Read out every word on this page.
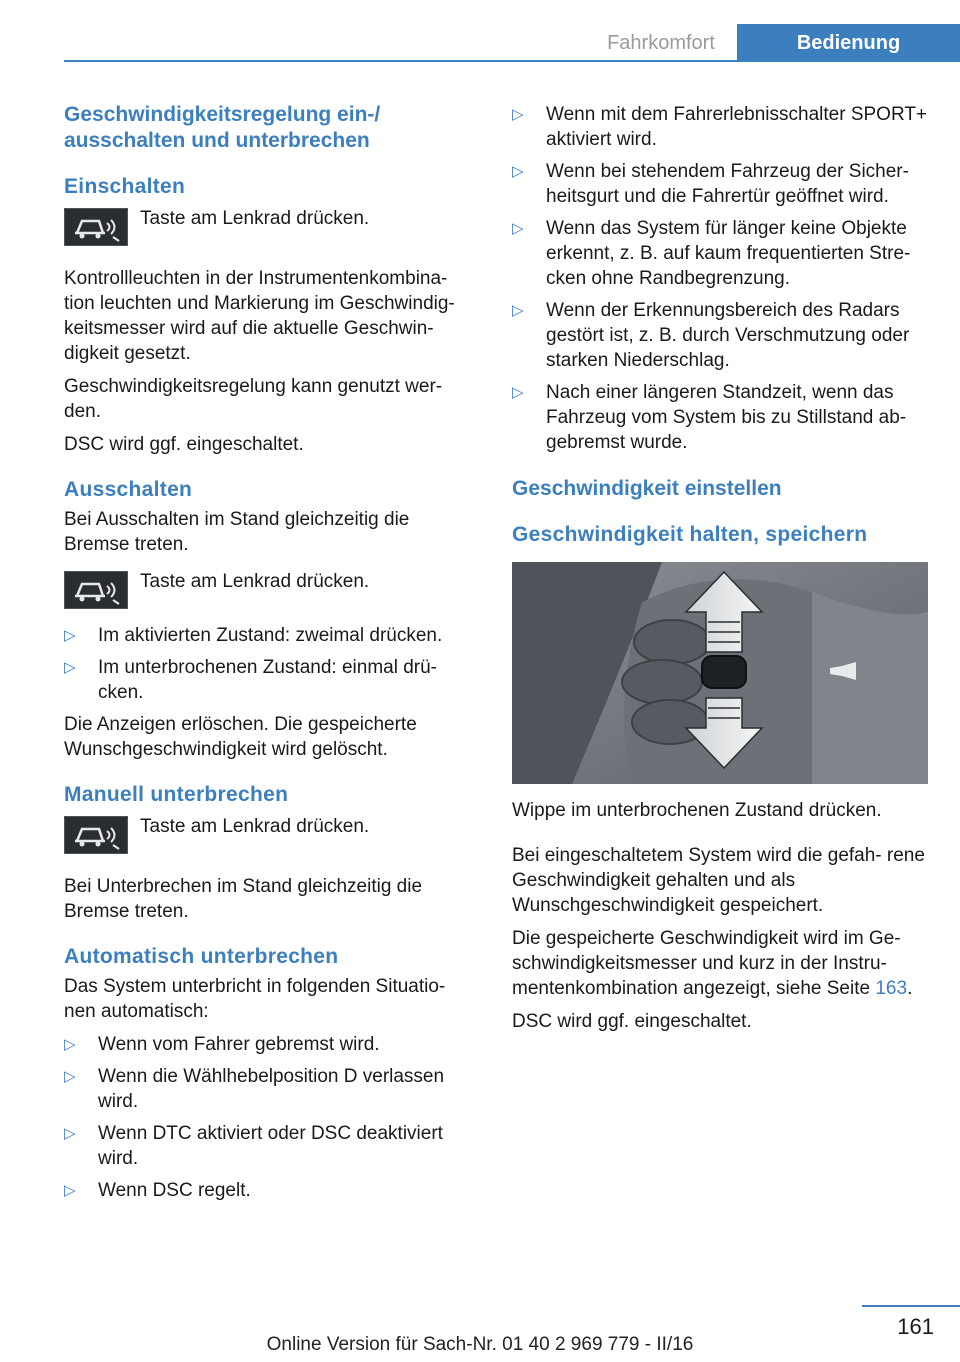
Fahrkomfort	Bedienung
Geschwindigkeitsregelung ein-/ ausschalten und unterbrechen
Einschalten
Taste am Lenkrad drücken.

Kontrollleuchten in der Instrumentenkombina‐ tion leuchten und Markierung im Geschwindig‐ keitsmesser wird auf die aktuelle Geschwin‐ digkeit gesetzt.

Geschwindigkeitsregelung kann genutzt wer‐ den.

DSC wird ggf. eingeschaltet.

Ausschalten

Bei Ausschalten im Stand gleichzeitig die Bremse treten.

Taste am Lenkrad drücken.
▷ Im aktivierten Zustand: zweimal drücken.
▷ Im unterbrochenen Zustand: einmal drü‐ cken.

Die Anzeigen erlöschen. Die gespeicherte Wunschgeschwindigkeit wird gelöscht.

Manuell unterbrechen
Taste am Lenkrad drücken.

Bei Unterbrechen im Stand gleichzeitig die Bremse treten.

Automatisch unterbrechen

Das System unterbricht in folgenden Situatio‐ nen automatisch:

▷ Wenn vom Fahrer gebremst wird.
▷ Wenn die Wählhebelposition D verlassen wird.
▷ Wenn DTC aktiviert oder DSC deaktiviert wird.
▷ Wenn DSC regelt.
▷ Wenn mit dem Fahrerlebnisschalter SPORT+ aktiviert wird.
▷ Wenn bei stehendem Fahrzeug der Sicher‐ heitsgurt und die Fahrertür geöffnet wird.
▷ Wenn das System für länger keine Objekte erkennt, z. B. auf kaum frequentierten Stre‐ cken ohne Randbegrenzung.
▷ Wenn der Erkennungsbereich des Radars gestört ist, z. B. durch Verschmutzung oder starken Niederschlag.
▷ Nach einer längeren Standzeit, wenn das Fahrzeug vom System bis zu Stillstand ab‐ gebremst wurde.
Geschwindigkeit einstellen
Geschwindigkeit halten, speichern

Wippe im unterbrochenen Zustand drücken.

Bei eingeschaltetem System wird die gefah‐ rene Geschwindigkeit gehalten und als Wunschgeschwindigkeit gespeichert.

Die gespeicherte Geschwindigkeit wird im Ge‐ schwindigkeitsmesser und kurz in der Instru‐ mentenkombination angezeigt, siehe Seite 163.

DSC wird ggf. eingeschaltet.

161
Online Version für Sach-Nr. 01 40 2 969 779 - II/16
